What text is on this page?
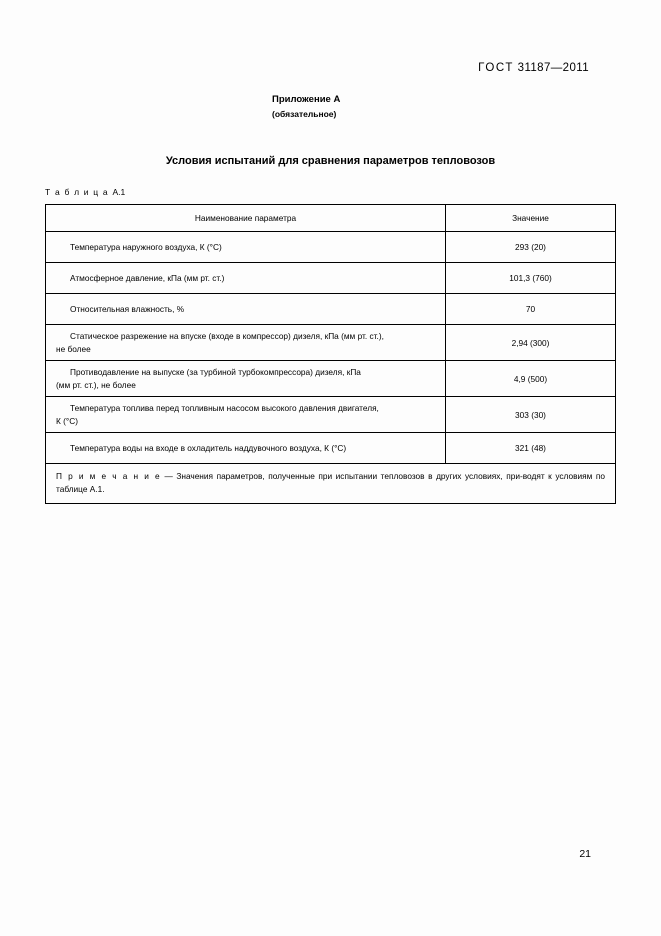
ГОСТ 31187—2011
Приложение А
(обязательное)
Условия испытаний для сравнения параметров тепловозов
Т а б л и ц а А.1
Наименование параметра	Значение

Температура наружного воздуха, К (°С)	293 (20)

Атмосферное давление, кПа (мм рт. ст.)	101,3 (760)

Относительная влажность, %	70

Статическое разрежение на впуске (входе в компрессор) дизеля, кПа (мм рт. ст.),
не более	2,94 (300)

Противодавление на выпуске (за турбиной турбокомпрессора) дизеля, кПа
(мм рт. ст.), не более	4,9 (500)

Температура топлива перед топливным насосом высокого давления двигателя,
К (°С)	303 (30)

Температура воды на входе в охладитель наддувочного воздуха, К (°С)	321 (48)
П р и м е ч а н и е — Значения параметров, полученные при испытании тепловозов в других условиях, при-водят к условиям по таблице А.1.	
21
